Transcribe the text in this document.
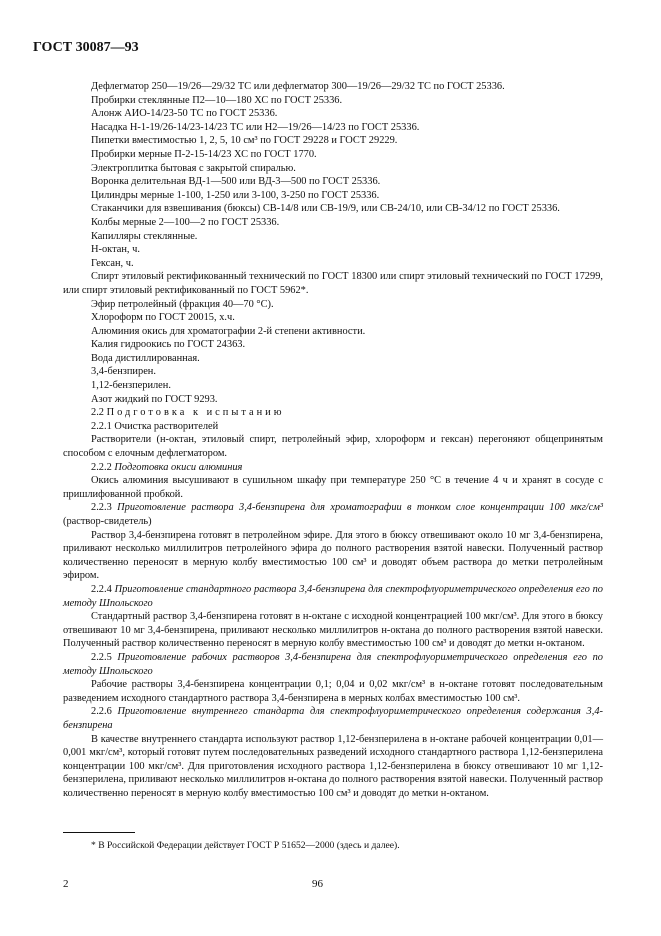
ГОСТ 30087—93

Дефлегматор 250—19/26—29/32 ТС или дефлегматор 300—19/26—29/32 ТС по ГОСТ 25336.

Пробирки стеклянные П2—10—180 ХС по ГОСТ 25336.

Алонж АИО-14/23-50 ТС по ГОСТ 25336.

Насадка Н-1-19/26-14/23-14/23 ТС или Н2—19/26—14/23 по ГОСТ 25336.

Пипетки вместимостью 1, 2, 5, 10 см³ по ГОСТ 29228 и ГОСТ 29229.

Пробирки мерные П-2-15-14/23 ХС по ГОСТ 1770.

Электроплитка бытовая с закрытой спиралью.

Воронка делительная ВД-1—500 или ВД-3—500 по ГОСТ 25336.

Цилиндры мерные 1-100, 1-250 или 3-100, 3-250 по ГОСТ 25336.

Стаканчики для взвешивания (бюксы) СВ-14/8 или СВ-19/9, или СВ-24/10, или СВ-34/12 по ГОСТ 25336.

Колбы мерные 2—100—2 по ГОСТ 25336.

Капилляры стеклянные.

Н-октан, ч.

Гексан, ч.

Спирт этиловый ректификованный технический по ГОСТ 18300 или спирт этиловый технический по ГОСТ 17299, или спирт этиловый ректификованный по ГОСТ 5962*.

Эфир петролейный (фракция 40—70 °С).

Хлороформ по ГОСТ 20015, х.ч.

Алюминия окись для хроматографии 2-й степени активности.

Калия гидроокись по ГОСТ 24363.

Вода дистиллированная.

3,4-бензпирен.

1,12-бензперилен.

Азот жидкий по ГОСТ 9293.

2.2 Подготовка к испытанию

2.2.1 Очистка растворителей

Растворители (н-октан, этиловый спирт, петролейный эфир, хлороформ и гексан) перегоняют общепринятым способом с елочным дефлегматором.

2.2.2 Подготовка окиси алюминия

Окись алюминия высушивают в сушильном шкафу при температуре 250 °С в течение 4 ч и хранят в сосуде с пришлифованной пробкой.

2.2.3 Приготовление раствора 3,4-бензпирена для хроматографии в тонком слое концентрации 100 мкг/см³ (раствор-свидетель)

Раствор 3,4-бензпирена готовят в петролейном эфире. Для этого в бюксу отвешивают около 10 мг 3,4-бензпирена, приливают несколько миллилитров петролейного эфира до полного растворения взятой навески. Полученный раствор количественно переносят в мерную колбу вместимостью 100 см³ и доводят объем раствора до метки петролейным эфиром.

2.2.4 Приготовление стандартного раствора 3,4-бензпирена для спектрофлуориметрического определения его по методу Шпольского

Стандартный раствор 3,4-бензпирена готовят в н-октане с исходной концентрацией 100 мкг/см³. Для этого в бюксу отвешивают 10 мг 3,4-бензпирена, приливают несколько миллилитров н-октана до полного растворения взятой навески. Полученный раствор количественно переносят в мерную колбу вместимостью 100 см³ и доводят до метки н-октаном.

2.2.5 Приготовление рабочих растворов 3,4-бензпирена для спектрофлуориметрического определения его по методу Шпольского

Рабочие растворы 3,4-бензпирена концентрации 0,1; 0,04 и 0,02 мкг/см³ в н-октане готовят последовательным разведением исходного стандартного раствора 3,4-бензпирена в мерных колбах вместимостью 100 см³.

2.2.6 Приготовление внутреннего стандарта для спектрофлуориметрического определения содержания 3,4-бензпирена

В качестве внутреннего стандарта используют раствор 1,12-бензперилена в н-октане рабочей концентрации 0,01—0,001 мкг/см³, который готовят путем последовательных разведений исходного стандартного раствора 1,12-бензперилена концентрации 100 мкг/см³. Для приготовления исходного раствора 1,12-бензперилена в бюксу отвешивают 10 мг 1,12-бензперилена, приливают несколько миллилитров н-октана до полного растворения взятой навески. Полученный раствор количественно переносят в мерную колбу вместимостью 100 см³ и доводят до метки н-октаном.

* В Российской Федерации действует ГОСТ Р 51652—2000 (здесь и далее).
2	96
